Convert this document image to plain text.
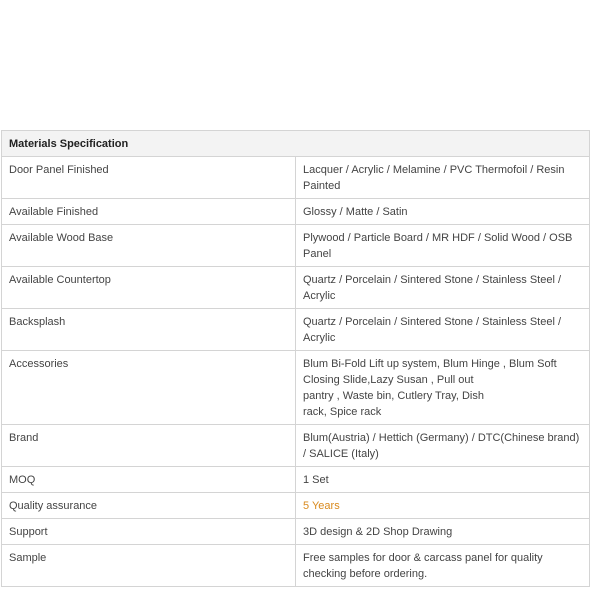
Materials Specification	
Door Panel Finished	Lacquer / Acrylic / Melamine / PVC Thermofoil / Resin Painted

Available Finished	Glossy / Matte / Satin

Available Wood Base	Plywood / Particle Board / MR HDF / Solid Wood / OSB Panel

Available Countertop	Quartz / Porcelain / Sintered Stone / Stainless Steel / Acrylic

Backsplash	Quartz / Porcelain / Sintered Stone / Stainless Steel / Acrylic

Accessories	Blum Bi-Fold Lift up system, Blum Hinge , Blum Soft Closing Slide,Lazy Susan , Pull out
pantry , Waste bin, Cutlery Tray, Dish
rack, Spice rack

Brand	Blum(Austria) / Hettich (Germany) / DTC(Chinese brand) / SALICE (Italy)

MOQ	1 Set

Quality assurance	5 Years

Support	3D design & 2D Shop Drawing

Sample	Free samples for door & carcass panel for quality checking before ordering.
